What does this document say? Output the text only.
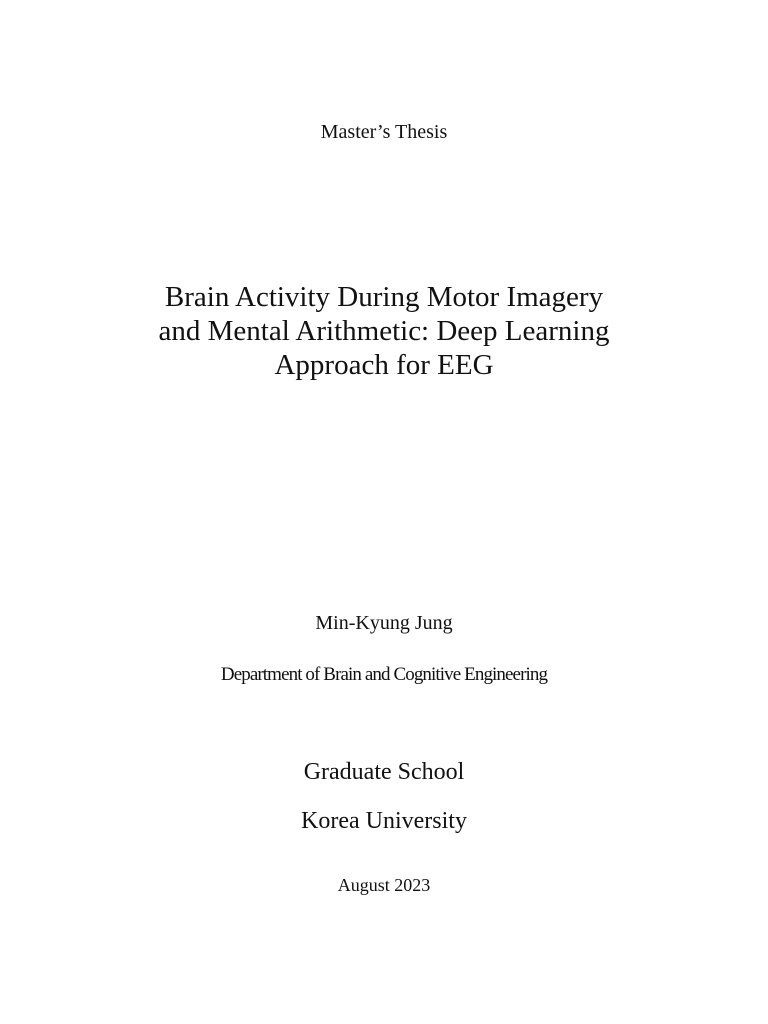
Master’s Thesis
Brain Activity During Motor Imagery
and Mental Arithmetic: Deep Learning
Approach for EEG
Min-Kyung Jung
Department of Brain and Cognitive Engineering
Graduate School
Korea University
August 2023
